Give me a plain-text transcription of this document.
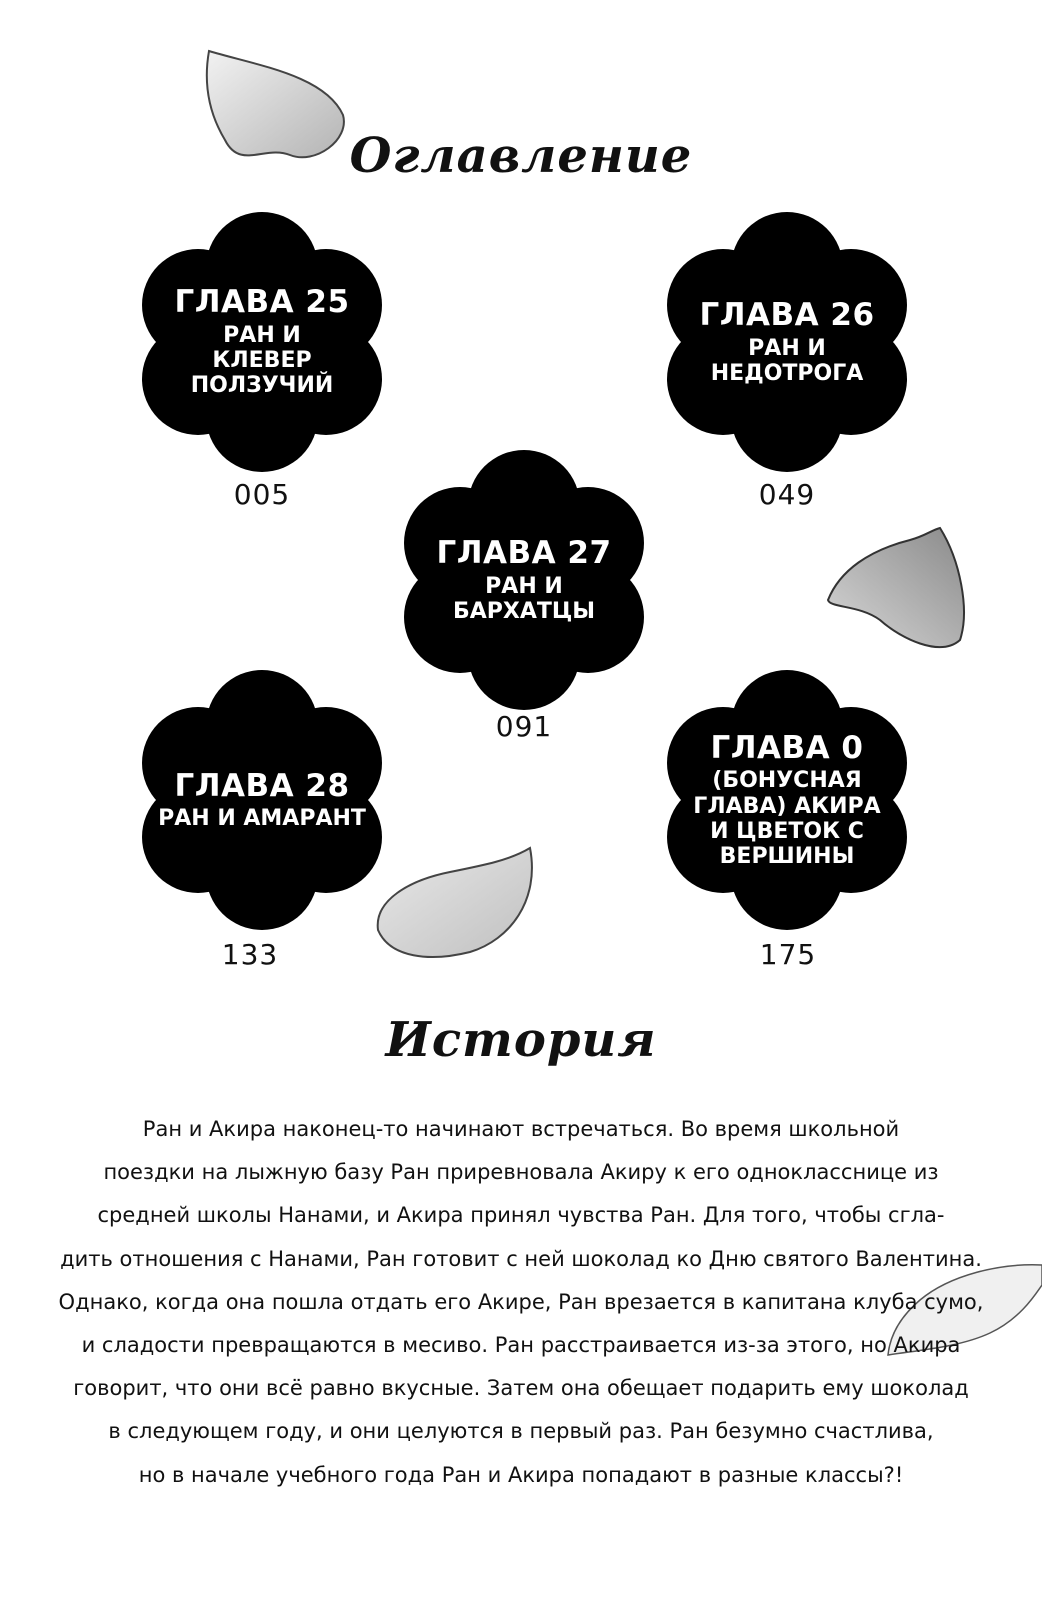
Оглавление
ГЛАВА 25
РАН И КЛЕВЕР ПОЛЗУЧИЙ
005
ГЛАВА 26
РАН И НЕДОТРОГА
049
ГЛАВА 27
РАН И БАРХАТЦЫ
091
ГЛАВА 28
РАН И АМАРАНТ
133
ГЛАВА 0
(БОНУСНАЯ ГЛАВА) АКИРА И ЦВЕТОК С ВЕРШИНЫ
175
История
Ран и Акира наконец-то начинают встречаться. Во время школьной
поездки на лыжную базу Ран приревновала Акиру к его однокласснице из
средней школы Нанами, и Акира принял чувства Ран. Для того, чтобы сгла-
дить отношения с Нанами, Ран готовит с ней шоколад ко Дню святого Валентина.
Однако, когда она пошла отдать его Акире, Ран врезается в капитана клуба сумо,
и сладости превращаются в месиво. Ран расстраивается из-за этого, но Акира
говорит, что они всё равно вкусные. Затем она обещает подарить ему шоколад
в следующем году, и они целуются в первый раз. Ран безумно счастлива,
но в начале учебного года Ран и Акира попадают в разные классы?!
